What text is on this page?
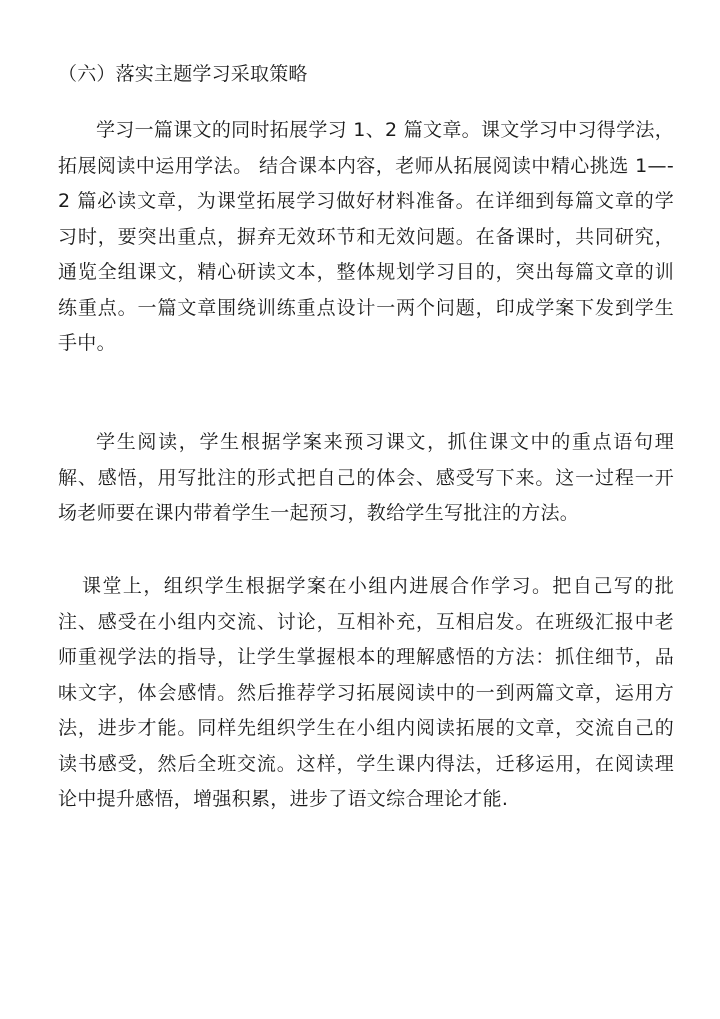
（六）落实主题学习采取策略

学习一篇课文的同时拓展学习 1、2 篇文章。课文学习中习得学法，拓展阅读中运用学法。 结合课本内容，老师从拓展阅读中精心挑选 1—-2 篇必读文章，为课堂拓展学习做好材料准备。在详细到每篇文章的学习时，要突出重点，摒弃无效环节和无效问题。在备课时，共同研究，通览全组课文，精心研读文本，整体规划学习目的，突出每篇文章的训练重点。一篇文章围绕训练重点设计一两个问题，印成学案下发到学生手中。

学生阅读，学生根据学案来预习课文，抓住课文中的重点语句理解、感悟，用写批注的形式把自己的体会、感受写下来。这一过程一开场老师要在课内带着学生一起预习，教给学生写批注的方法。

课堂上，组织学生根据学案在小组内进展合作学习。把自己写的批注、感受在小组内交流、讨论，互相补充，互相启发。在班级汇报中老师重视学法的指导，让学生掌握根本的理解感悟的方法：抓住细节，品味文字，体会感情。然后推荐学习拓展阅读中的一到两篇文章，运用方法，进步才能。同样先组织学生在小组内阅读拓展的文章，交流自己的读书感受，然后全班交流。这样，学生课内得法，迁移运用，在阅读理论中提升感悟，增强积累，进步了语文综合理论才能.
